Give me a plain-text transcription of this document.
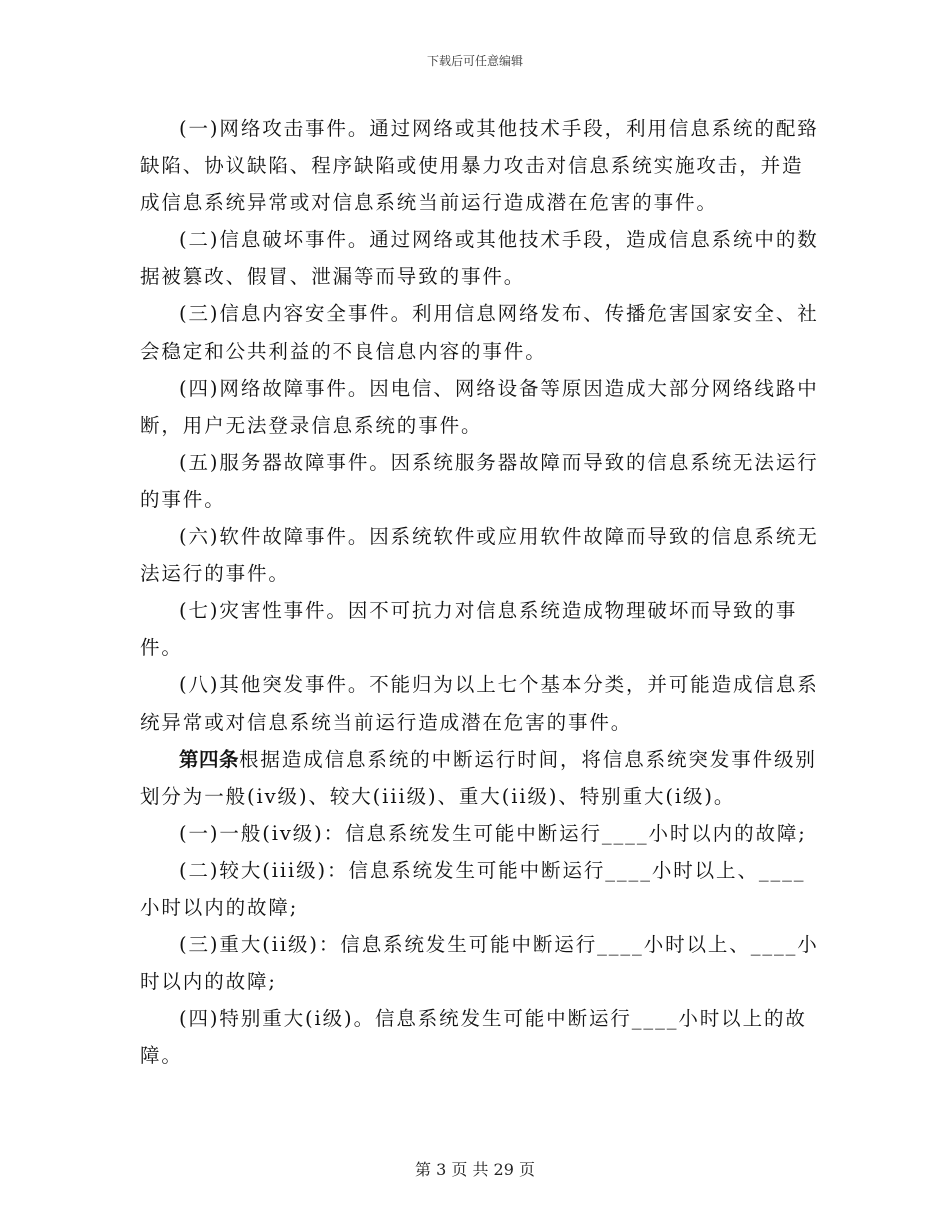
下载后可任意编辑

(一)网络攻击事件。通过网络或其他技术手段，利用信息系统的配臵缺陷、协议缺陷、程序缺陷或使用暴力攻击对信息系统实施攻击，并造成信息系统异常或对信息系统当前运行造成潜在危害的事件。

(二)信息破坏事件。通过网络或其他技术手段，造成信息系统中的数据被篡改、假冒、泄漏等而导致的事件。

(三)信息内容安全事件。利用信息网络发布、传播危害国家安全、社会稳定和公共利益的不良信息内容的事件。

(四)网络故障事件。因电信、网络设备等原因造成大部分网络线路中断，用户无法登录信息系统的事件。

(五)服务器故障事件。因系统服务器故障而导致的信息系统无法运行的事件。

(六)软件故障事件。因系统软件或应用软件故障而导致的信息系统无法运行的事件。

(七)灾害性事件。因不可抗力对信息系统造成物理破坏而导致的事件。

(八)其他突发事件。不能归为以上七个基本分类，并可能造成信息系统异常或对信息系统当前运行造成潜在危害的事件。

第四条根据造成信息系统的中断运行时间，将信息系统突发事件级别划分为一般(iv级)、较大(iii级)、重大(ii级)、特别重大(i级)。

(一)一般(iv级)：信息系统发生可能中断运行____小时以内的故障;

(二)较大(iii级)：信息系统发生可能中断运行____小时以上、____小时以内的故障;

(三)重大(ii级)：信息系统发生可能中断运行____小时以上、____小时以内的故障;

(四)特别重大(i级)。信息系统发生可能中断运行____小时以上的故障。

第 3 页 共 29 页
